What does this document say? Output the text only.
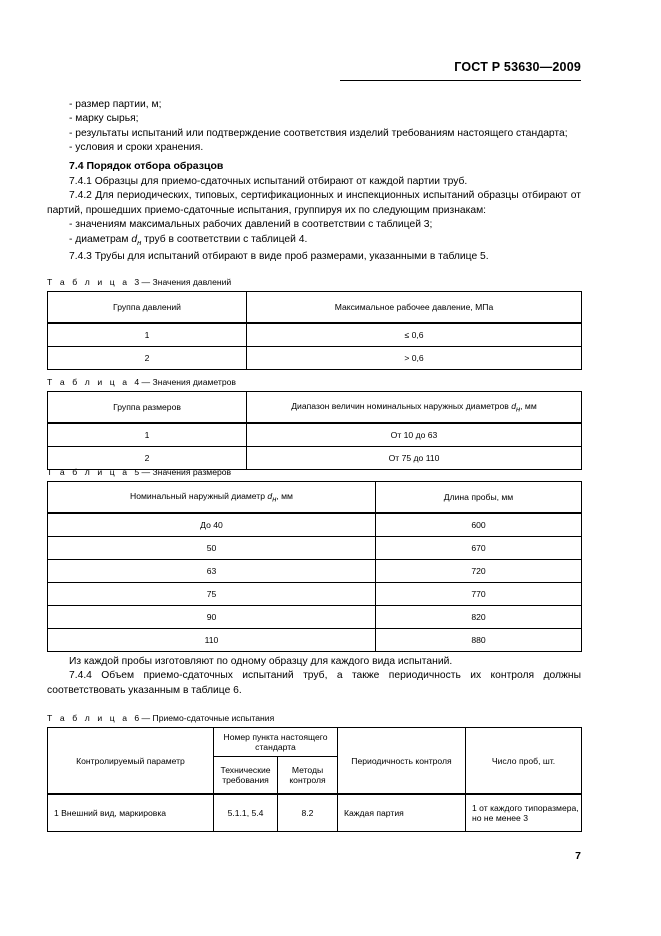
ГОСТ Р 53630—2009

- размер партии, м;

- марку сырья;

- результаты испытаний или подтверждение соответствия изделий требованиям настоящего стандарта;

- условия и сроки хранения.

7.4 Порядок отбора образцов

7.4.1 Образцы для приемо-сдаточных испытаний отбирают от каждой партии труб.

7.4.2 Для периодических, типовых, сертификационных и инспекционных испытаний образцы отбирают от партий, прошедших приемо-сдаточные испытания, группируя их по следующим признакам:

- значениям максимальных рабочих давлений в соответствии с таблицей 3;

- диаметрам $d_н$ труб в соответствии с таблицей 4.

7.4.3 Трубы для испытаний отбирают в виде проб размерами, указанными в таблице 5.

Т а б л и ц а 3 — Значения давлений

Группа давлений	Максимальное рабочее давление, МПа
1	≤ 0,6
2	> 0,6

Т а б л и ц а 4 — Значения диаметров

Группа размеров	Диапазон величин номинальных наружных диаметров dн, мм
1	От 10 до 63
2	От 75 до 110

Т а б л и ц а 5 — Значения размеров

Номинальный наружный диаметр dн, мм	Длина пробы, мм
До 40	600
50	670
63	720
75	770
90	820
110	880

Из каждой пробы изготовляют по одному образцу для каждого вида испытаний.

7.4.4 Объем приемо-сдаточных испытаний труб, а также периодичность их контроля должны соответствовать указанным в таблице 6.

Т а б л и ц а 6 — Приемо-сдаточные испытания

Контролируемый параметр	Номер пункта настоящего стандарта		Периодичность контроля	Число проб, шт.
	Технические требования	Методы контроля		
1 Внешний вид, маркировка	5.1.1, 5.4	8.2	Каждая партия	1 от каждого типоразмера, но не менее 3
7
